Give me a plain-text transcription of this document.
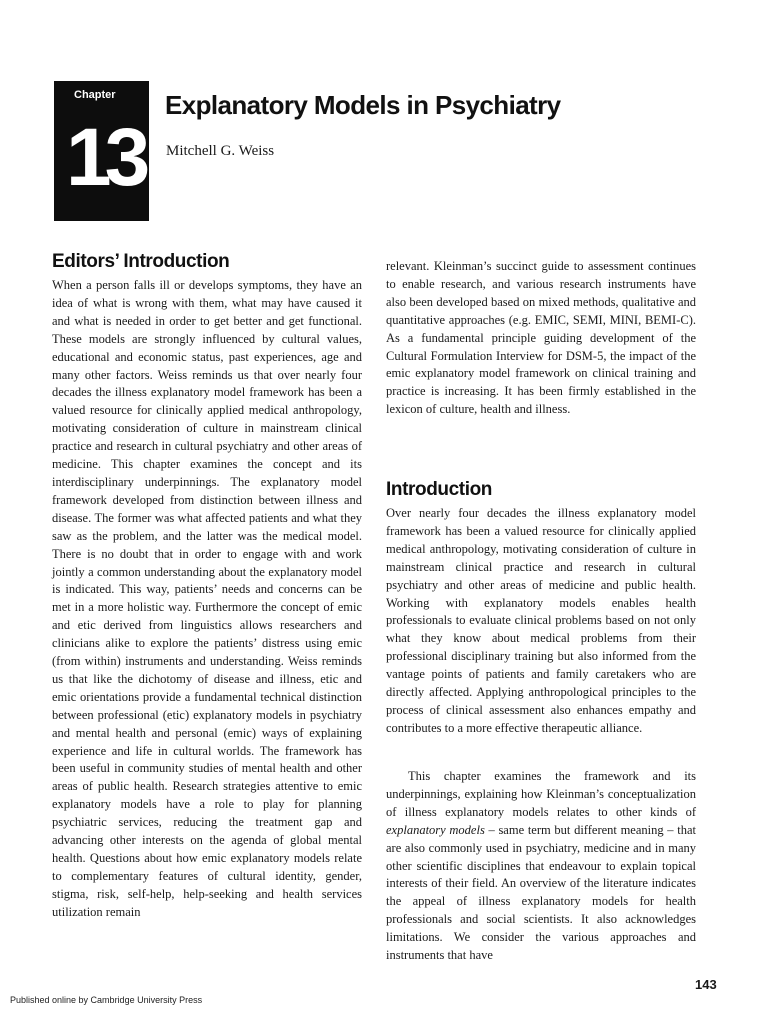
Chapter
13
Explanatory Models in Psychiatry
Mitchell G. Weiss
Editors’ Introduction

When a person falls ill or develops symptoms, they have an idea of what is wrong with them, what may have caused it and what is needed in order to get better and get functional. These models are strongly influenced by cultural values, educational and economic status, past experiences, age and many other factors. Weiss reminds us that over nearly four decades the illness explanatory model framework has been a valued resource for clinically applied medical anthropology, motivating consideration of culture in mainstream clinical practice and research in cultural psychiatry and other areas of medicine. This chapter examines the concept and its interdisciplinary underpinnings. The explanatory model framework developed from distinction between illness and disease. The former was what affected patients and what they saw as the problem, and the latter was the medical model. There is no doubt that in order to engage with and work jointly a common understanding about the explanatory model is indicated. This way, patients’ needs and concerns can be met in a more holistic way. Furthermore the concept of emic and etic derived from linguistics allows researchers and clinicians alike to explore the patients’ distress using emic (from within) instruments and understanding. Weiss reminds us that like the dichotomy of disease and illness, etic and emic orientations provide a fundamental technical distinction between professional (etic) explanatory models in psychiatry and mental health and personal (emic) ways of explaining experience and life in cultural worlds. The framework has been useful in community studies of mental health and other areas of public health. Research strategies attentive to emic explanatory models have a role to play for planning psychiatric services, reducing the treatment gap and advancing other interests on the agenda of global mental health. Questions about how emic explanatory models relate to complementary features of cultural identity, gender, stigma, risk, self-help, help-seeking and health services utilization remain

relevant. Kleinman’s succinct guide to assessment continues to enable research, and various research instruments have also been developed based on mixed methods, qualitative and quantitative approaches (e.g. EMIC, SEMI, MINI, BEMI-C). As a fundamental principle guiding development of the Cultural Formulation Interview for DSM-5, the impact of the emic explanatory model framework on clinical training and practice is increasing. It has been firmly established in the lexicon of culture, health and illness.

Introduction

Over nearly four decades the illness explanatory model framework has been a valued resource for clinically applied medical anthropology, motivating consideration of culture in mainstream clinical practice and research in cultural psychiatry and other areas of medicine and public health. Working with explanatory models enables health professionals to evaluate clinical problems based on not only what they know about medical problems from their professional disciplinary training but also informed from the vantage points of patients and family caretakers who are directly affected. Applying anthropological principles to the process of clinical assessment also enhances empathy and contributes to a more effective therapeutic alliance.

This chapter examines the framework and its underpinnings, explaining how Kleinman’s conceptualization of illness explanatory models relates to other kinds of explanatory models – same term but different meaning – that are also commonly used in psychiatry, medicine and in many other scientific disciplines that endeavour to explain topical interests of their field. An overview of the literature indicates the appeal of illness explanatory models for health professionals and social scientists. It also acknowledges limitations. We consider the various approaches and instruments that have

143
Published online by Cambridge University Press
